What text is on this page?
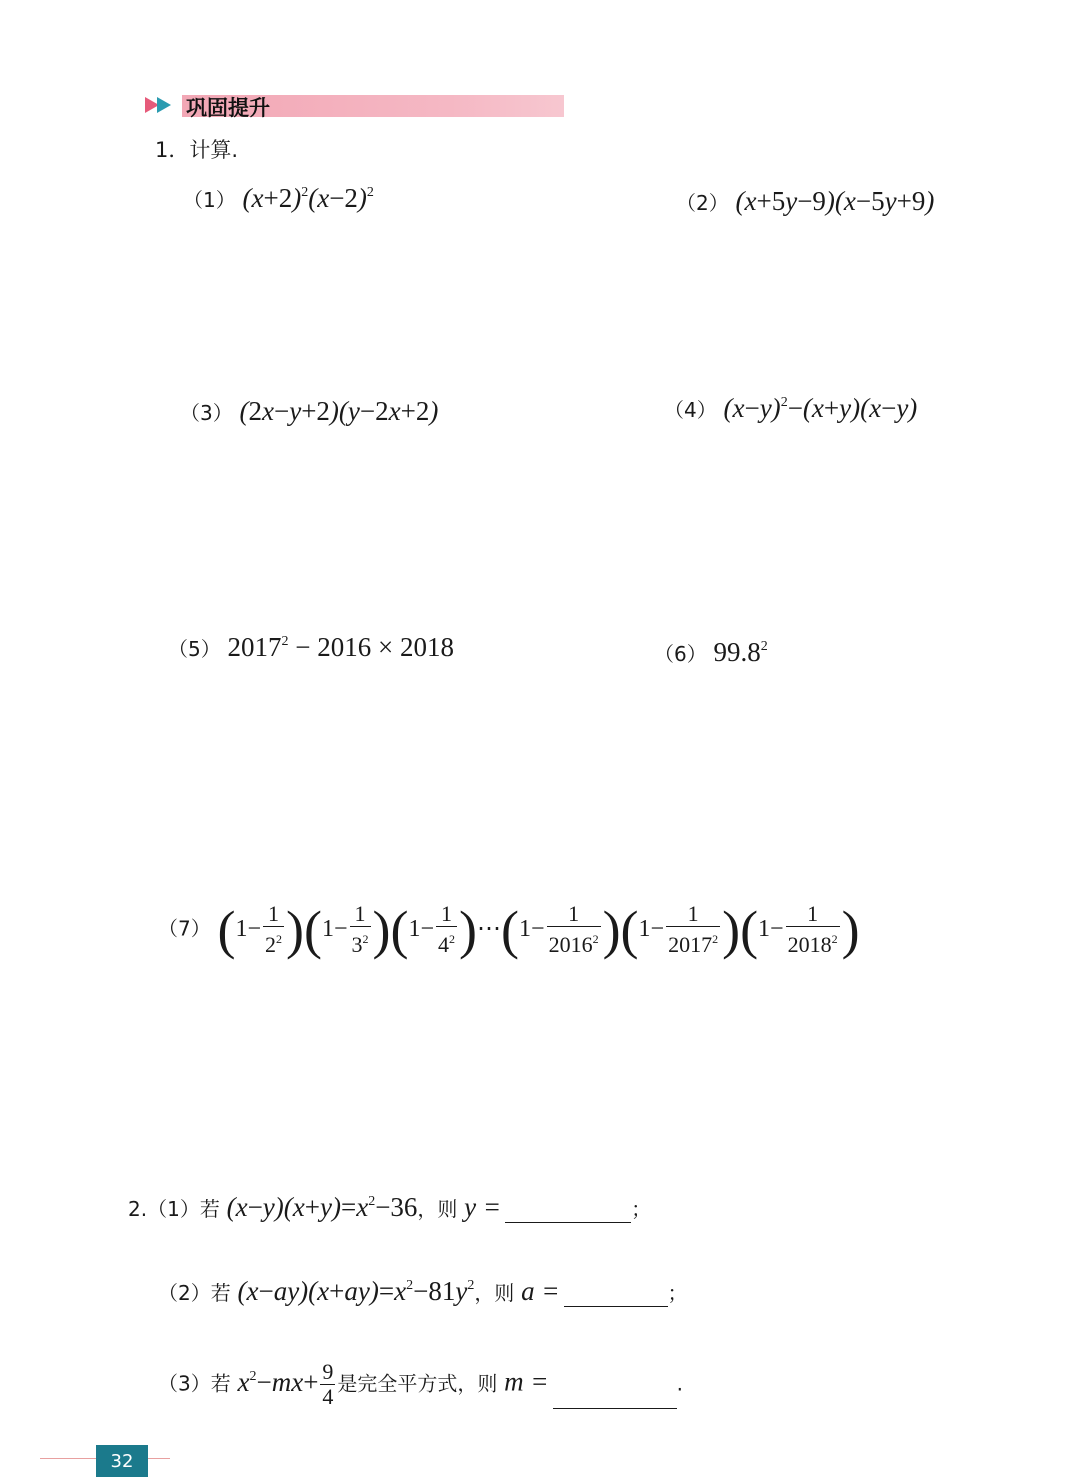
巩固提升
1．计算.
（1） $(x+2)^2(x-2)^2$	（2） (x+5y−9)(x−5y+9)
（3） (2x−y+2)(y−2x+2)	（4） $(x-y)^2-(x+y)(x-y)$
（5） $2017^2 - 2016 \times 2018$	（6） 99.8$^2$
（7） $(1- \frac{1}{2^2} )(1- \frac{1}{3^2} )(1- \frac{1}{4^2}$ )⋯(1− $\frac{1}{2016^2} )(1- \frac{1}{2017^2} )(1- \frac{1}{2018^2}$ )
2.（1）若 $(x-y)(x+y)=x^2-36$，则 y =	；
（2）若 $(x-ay)(x+ay)=x^2-81y^2$，则 a =	；
（3）若 $x^2-mx+ \frac{9}{4}$ 是完全平方式，则 m =	.
32
